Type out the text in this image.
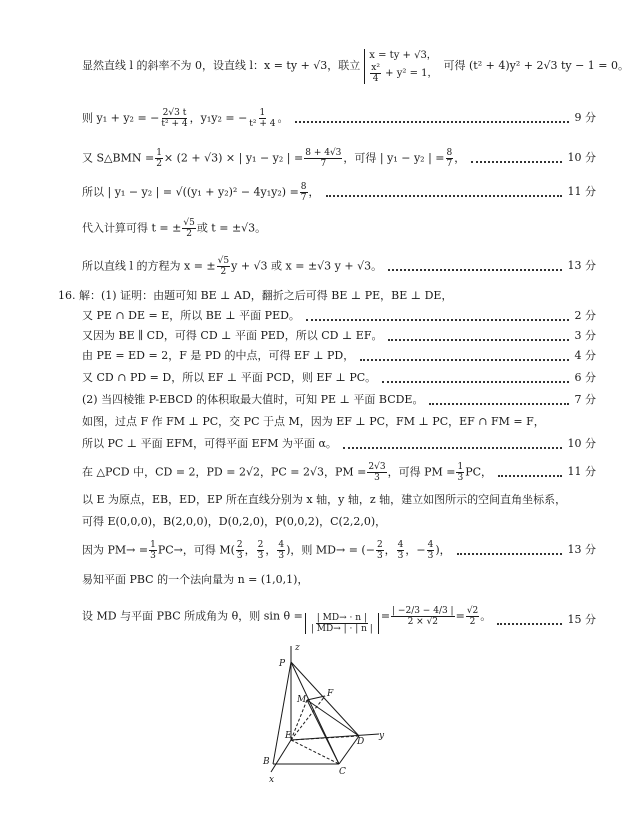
显然直线 l 的斜率不为 0，设直线 l：x = ty + √3，联立
x = ty + √3，
$\frac{\text{x²}}{4} + y^2 = 1$，
可得 (t² + 4)y² + 2√3 ty − 1 = 0。
则 y₁ + y₂ = − $\frac{2√3 t}{\text{t² + 4}}$ ，y₁y₂ = − $\frac{1}{\text{t² + 4}}$ 。	9 分
又 S△BMN = $\frac{1}{2} \times (2 + √3)$ × | y₁ − y₂ | = $\frac{8 + 4√3}{7}$ ，可得 | y₁ − y₂ | = $\frac{8}{7}$ ，	10 分
所以 | y₁ − y₂ | = $√((y_1 + y_2)^2 - 4y_1y_2) = \frac{8}{7}$ ，	11 分
代入计算可得 t = ± $\frac{√5}{2}$ 或 t = ±√3。
所以直线 l 的方程为 x = ± $\frac{√5}{2}$ y + √3 或 x = ±√3 y + √3。	13 分
16. 解：(1) 证明：由题可知 BE ⊥ AD，翻折之后可得 BE ⊥ PE，BE ⊥ DE，
又 PE ∩ DE = E，所以 BE ⊥ 平面 PED。	2 分
又因为 BE ∥ CD，可得 CD ⊥ 平面 PED，所以 CD ⊥ EF。	3 分
由 PE = ED = 2，F 是 PD 的中点，可得 EF ⊥ PD，	4 分
又 CD ∩ PD = D，所以 EF ⊥ 平面 PCD，则 EF ⊥ PC。	6 分
(2) 当四棱锥 P-EBCD 的体积取最大值时，可知 PE ⊥ 平面 BCDE。	7 分
如图，过点 F 作 FM ⊥ PC，交 PC 于点 M，因为 EF ⊥ PC，FM ⊥ PC，EF ∩ FM = F，
所以 PC ⊥ 平面 EFM，可得平面 EFM 为平面 α。	10 分
在 △PCD 中，CD = 2，PD = 2√2，PC = 2√3，PM = $\frac{2√3}{3}$ ，可得 PM = $\frac{1}{3}$ PC，	11 分
以 E 为原点，EB，ED，EP 所在直线分别为 x 轴，y 轴，z 轴，建立如图所示的空间直角坐标系，
可得 E(0,0,0)，B(2,0,0)，D(0,2,0)，P(0,0,2)，C(2,2,0)，
因为 $PM\to = \frac{1}{3} PC\to$，可得 $M( \frac{2}{3}$ ， $\frac{2}{3}$ ， $\frac{4}{3}$ )，则 MD→ = (− $\frac{2}{3}$ ， $\frac{4}{3}$ ，− $\frac{4}{3}$ )，	13 分
易知平面 PBC 的一个法向量为 n = (1,0,1)，
设 MD 与平面 PBC 所成角为 θ，则 $\sin \theta = \frac{| MD\to \cdot n |}{| MD\to | \cdot | n |} = \frac{| -2/3 - 4/3 |}{2 \times √2} = \frac{√2}{2}$ 。	15 分
z
P
M
F
E
D
y
B
C
x
